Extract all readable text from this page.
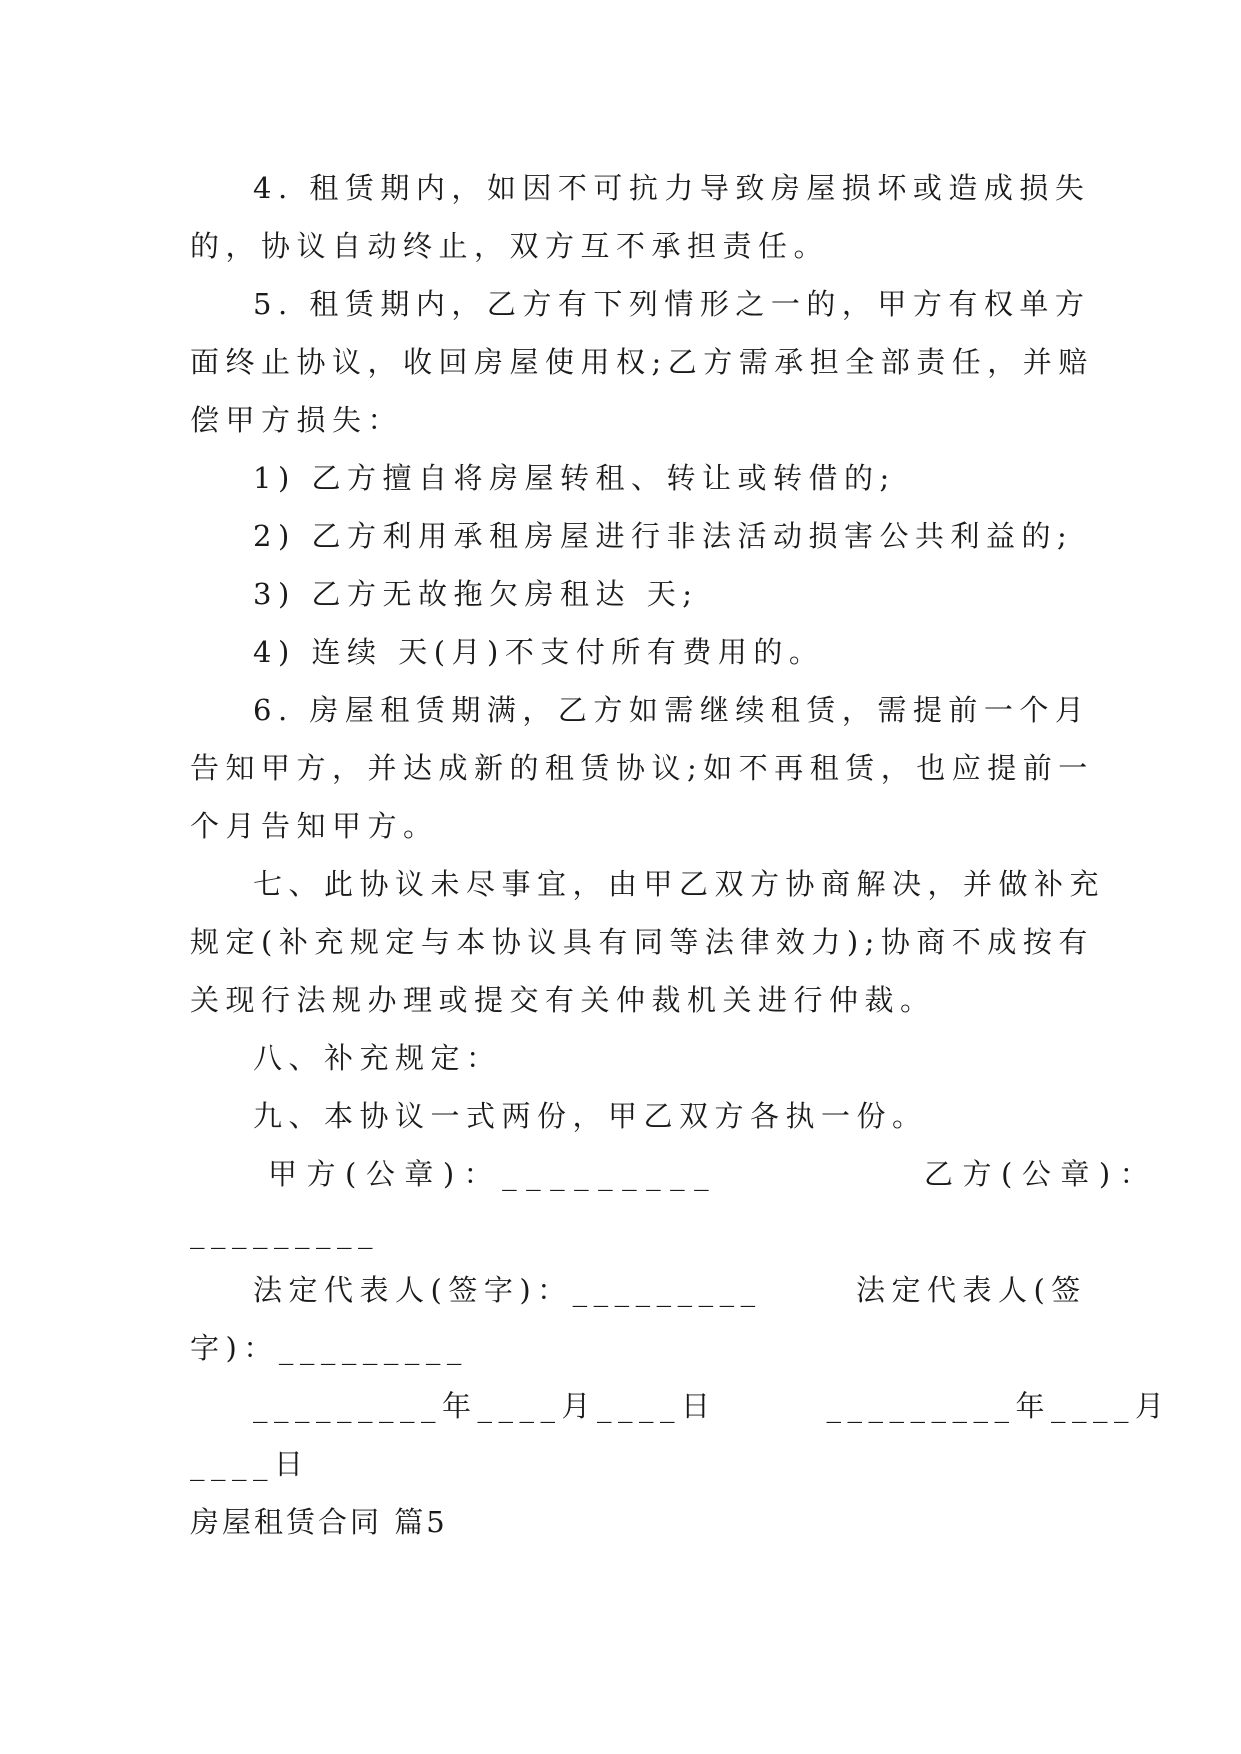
4. 租赁期内，如因不可抗力导致房屋损坏或造成损失
的，协议自动终止，双方互不承担责任。
5. 租赁期内，乙方有下列情形之一的，甲方有权单方
面终止协议，收回房屋使用权;乙方需承担全部责任，并赔
偿甲方损失：
1) 乙方擅自将房屋转租、转让或转借的;
2) 乙方利用承租房屋进行非法活动损害公共利益的;
3) 乙方无故拖欠房租达 天;
4) 连续 天(月)不支付所有费用的。
6. 房屋租赁期满，乙方如需继续租赁，需提前一个月
告知甲方，并达成新的租赁协议;如不再租赁，也应提前一
个月告知甲方。
七、此协议未尽事宜，由甲乙双方协商解决，并做补充
规定(补充规定与本协议具有同等法律效力);协商不成按有
关现行法规办理或提交有关仲裁机关进行仲裁。
八、补充规定：
九、本协议一式两份，甲乙双方各执一份。
甲方(公章)：_________           乙方(公章)：
_________
法定代表人(签字)：_________      法定代表人(签
字)：_________
_________年____月____日       _________年____月
____日
房屋租赁合同 篇5
